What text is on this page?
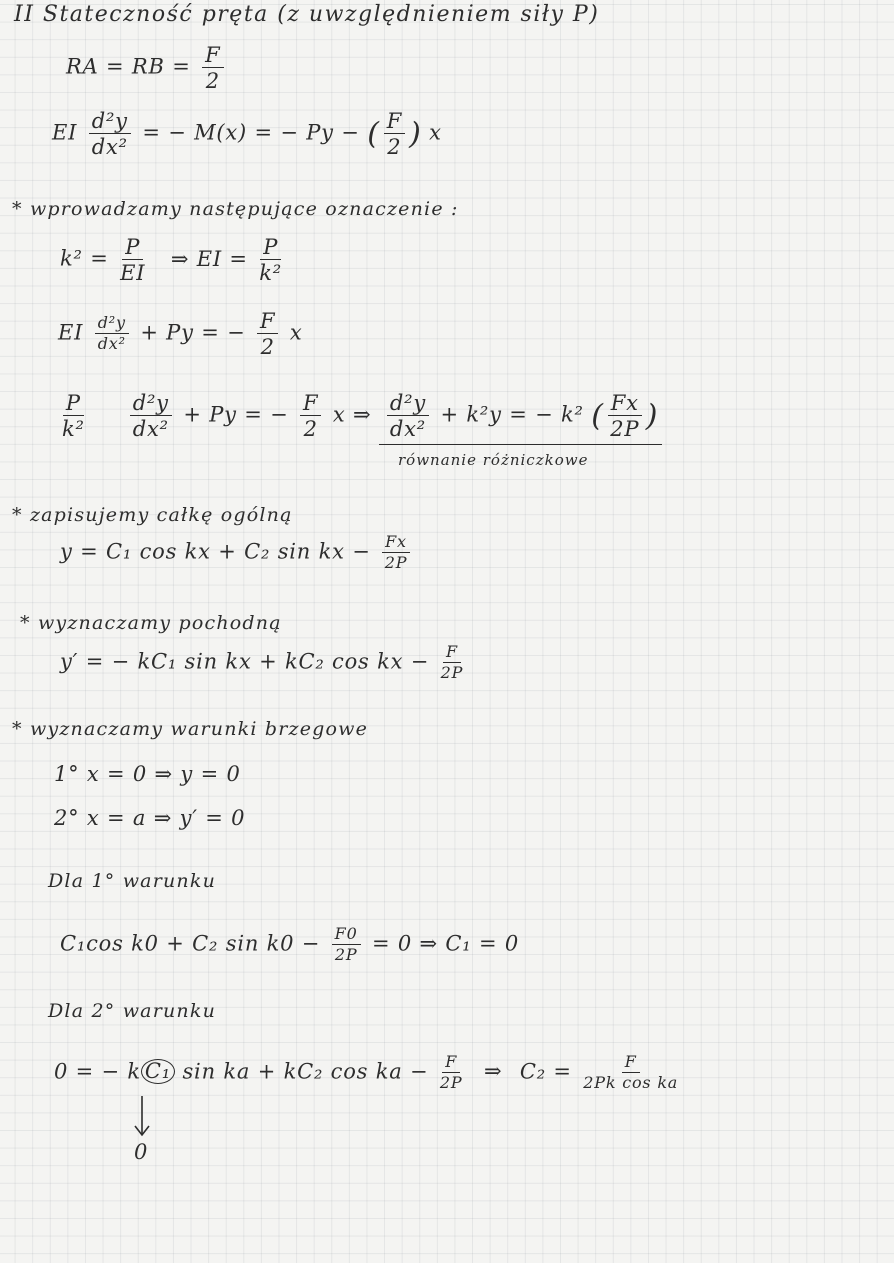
II Stateczność pręta (z uwzględnieniem siły P)
RA = RB = $\frac{F}{2}$
EI $\frac{\text{d²y}}{\text{dx²}}$ = − M(x) = − Py − ( $\frac{F}{2}$ ) x
* wprowadzamy następujące oznaczenie :
$k^2 = \frac{P}{EI}$ ⇒ EI = $\frac{P}{\text{k²}}$
EI $\frac{\text{d²y}}{\text{dx²}} + Py$ = − $\frac{F}{2}$ x
$\frac{P}{\text{k²}}$
$\frac{\text{d²y}}{\text{dx²}} + Py$ = − $\frac{F}{2}$ x ⇒ $\frac{\text{d²y}}{\text{dx²}} + k^2y$ = − k² ( $\frac{Fx}{2P}$ )
równanie różniczkowe
* zapisujemy całkę ogólną
y = C₁ cos kx + C₂ sin kx − $\frac{Fx}{2P}$
* wyznaczamy pochodną
y′ = − kC₁ sin kx + kC₂ cos kx − $\frac{F}{2P}$
* wyznaczamy warunki brzegowe
1° x = 0 ⇒ y = 0
2° x = a ⇒ y′ = 0
Dla 1° warunku
C₁cos k0 + C₂ $\sin k0 - \frac{F0}{2P} = 0$ ⇒ C₁ = 0
Dla 2° warunku
0 = − k C₁ sin ka + kC₂ cos ka − $\frac{F}{2P}$ ⇒ $C_2 = \frac{F}{\text{2Pk cos ka}}$
0
